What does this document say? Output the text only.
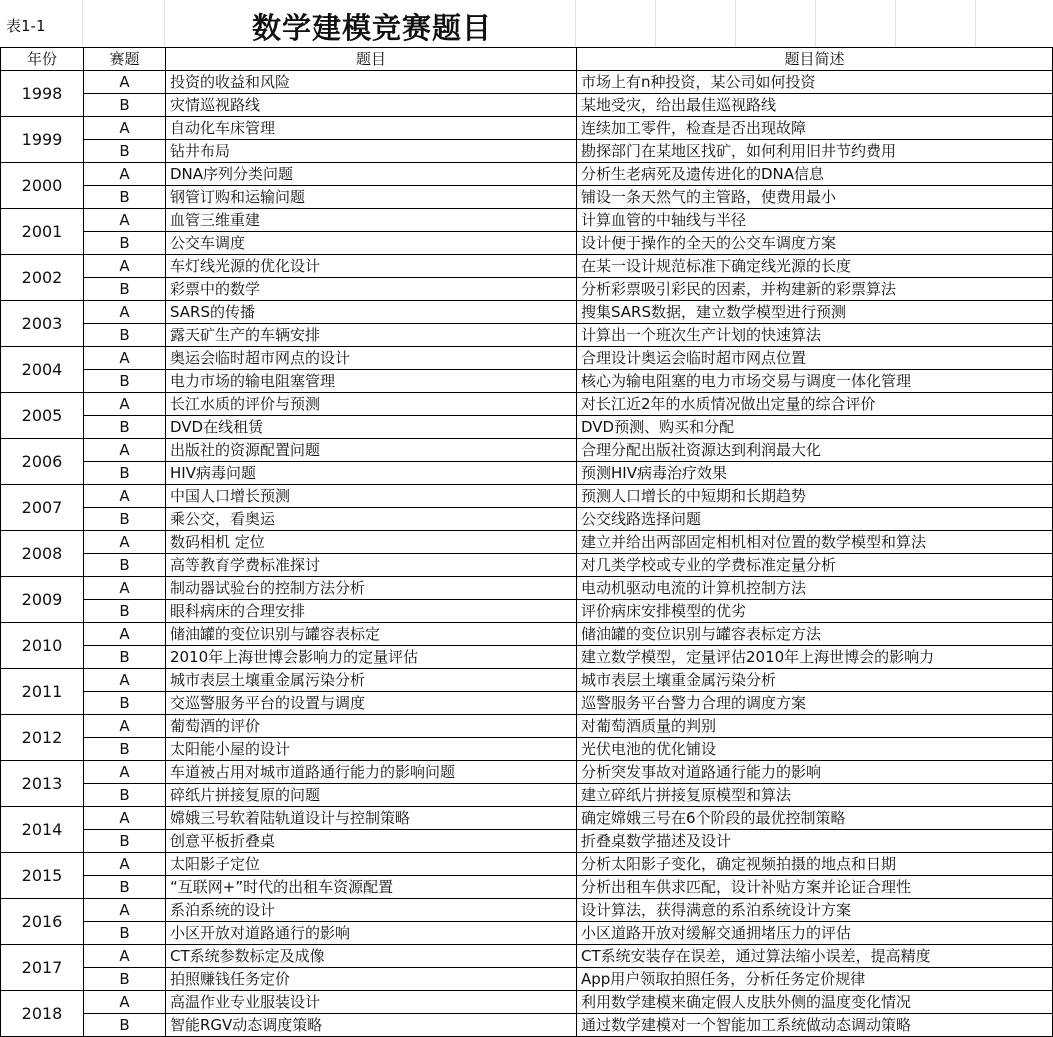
表1-1	数学建模竞赛题目
年份	赛题	题目	题目简述
1998	A	投资的收益和风险	市场上有n种投资，某公司如何投资
	B	灾情巡视路线	某地受灾，给出最佳巡视路线
1999	A	自动化车床管理	连续加工零件，检查是否出现故障
	B	钻井布局	勘探部门在某地区找矿，如何利用旧井节约费用
2000	A	DNA序列分类问题	分析生老病死及遗传进化的DNA信息
	B	钢管订购和运输问题	铺设一条天然气的主管路，使费用最小
2001	A	血管三维重建	计算血管的中轴线与半径
	B	公交车调度	设计便于操作的全天的公交车调度方案
2002	A	车灯线光源的优化设计	在某一设计规范标准下确定线光源的长度
	B	彩票中的数学	分析彩票吸引彩民的因素，并构建新的彩票算法
2003	A	SARS的传播	搜集SARS数据，建立数学模型进行预测
	B	露天矿生产的车辆安排	计算出一个班次生产计划的快速算法
2004	A	奥运会临时超市网点的设计	合理设计奥运会临时超市网点位置
	B	电力市场的输电阻塞管理	核心为输电阻塞的电力市场交易与调度一体化管理
2005	A	长江水质的评价与预测	对长江近2年的水质情况做出定量的综合评价
	B	DVD在线租赁	DVD预测、购买和分配
2006	A	出版社的资源配置问题	合理分配出版社资源达到利润最大化
	B	HIV病毒问题	预测HIV病毒治疗效果
2007	A	中国人口增长预测	预测人口增长的中短期和长期趋势
	B	乘公交，看奥运	公交线路选择问题
2008	A	数码相机 定位	建立并给出两部固定相机相对位置的数学模型和算法
	B	高等教育学费标准探讨	对几类学校或专业的学费标准定量分析
2009	A	制动器试验台的控制方法分析	电动机驱动电流的计算机控制方法
	B	眼科病床的合理安排	评价病床安排模型的优劣
2010	A	储油罐的变位识别与罐容表标定	储油罐的变位识别与罐容表标定方法
	B	2010年上海世博会影响力的定量评估	建立数学模型，定量评估2010年上海世博会的影响力
2011	A	城市表层土壤重金属污染分析	城市表层土壤重金属污染分析
	B	交巡警服务平台的设置与调度	巡警服务平台警力合理的调度方案
2012	A	葡萄酒的评价	对葡萄酒质量的判别
	B	太阳能小屋的设计	光伏电池的优化铺设
2013	A	车道被占用对城市道路通行能力的影响问题	分析突发事故对道路通行能力的影响
	B	碎纸片拼接复原的问题	建立碎纸片拼接复原模型和算法
2014	A	嫦娥三号软着陆轨道设计与控制策略	确定嫦娥三号在6个阶段的最优控制策略
	B	创意平板折叠桌	折叠桌数学描述及设计
2015	A	太阳影子定位	分析太阳影子变化，确定视频拍摄的地点和日期
	B	“互联网+”时代的出租车资源配置	分析出租车供求匹配，设计补贴方案并论证合理性
2016	A	系泊系统的设计	设计算法，获得满意的系泊系统设计方案
	B	小区开放对道路通行的影响	小区道路开放对缓解交通拥堵压力的评估
2017	A	CT系统参数标定及成像	CT系统安装存在误差，通过算法缩小误差，提高精度
	B	拍照赚钱任务定价	App用户领取拍照任务，分析任务定价规律
2018	A	高温作业专业服装设计	利用数学建模来确定假人皮肤外侧的温度变化情况
	B	智能RGV动态调度策略	通过数学建模对一个智能加工系统做动态调动策略
